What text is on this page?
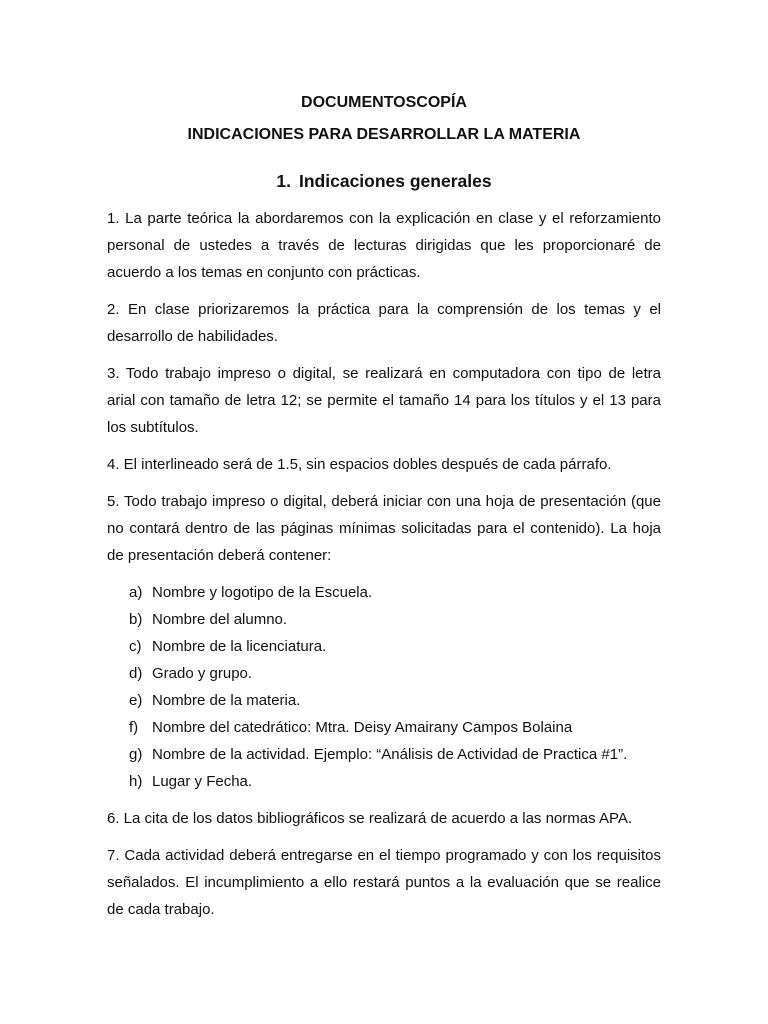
DOCUMENTOSCOPÍA
INDICACIONES PARA DESARROLLAR LA MATERIA
1. Indicaciones generales

1. La parte teórica la abordaremos con la explicación en clase y el reforzamiento personal de ustedes a través de lecturas dirigidas que les proporcionaré de acuerdo a los temas en conjunto con prácticas.

2. En clase priorizaremos la práctica para la comprensión de los temas y el desarrollo de habilidades.

3. Todo trabajo impreso o digital, se realizará en computadora con tipo de letra arial con tamaño de letra 12; se permite el tamaño 14 para los títulos y el 13 para los subtítulos.

4. El interlineado será de 1.5, sin espacios dobles después de cada párrafo.

5. Todo trabajo impreso o digital, deberá iniciar con una hoja de presentación (que no contará dentro de las páginas mínimas solicitadas para el contenido). La hoja de presentación deberá contener:

a) Nombre y logotipo de la Escuela.
b) Nombre del alumno.
c) Nombre de la licenciatura.
d) Grado y grupo.
e) Nombre de la materia.
f) Nombre del catedrático: Mtra. Deisy Amairany Campos Bolaina
g) Nombre de la actividad. Ejemplo: “Análisis de Actividad de Practica #1”.
h) Lugar y Fecha.

6. La cita de los datos bibliográficos se realizará de acuerdo a las normas APA.

7. Cada actividad deberá entregarse en el tiempo programado y con los requisitos señalados. El incumplimiento a ello restará puntos a la evaluación que se realice de cada trabajo.
